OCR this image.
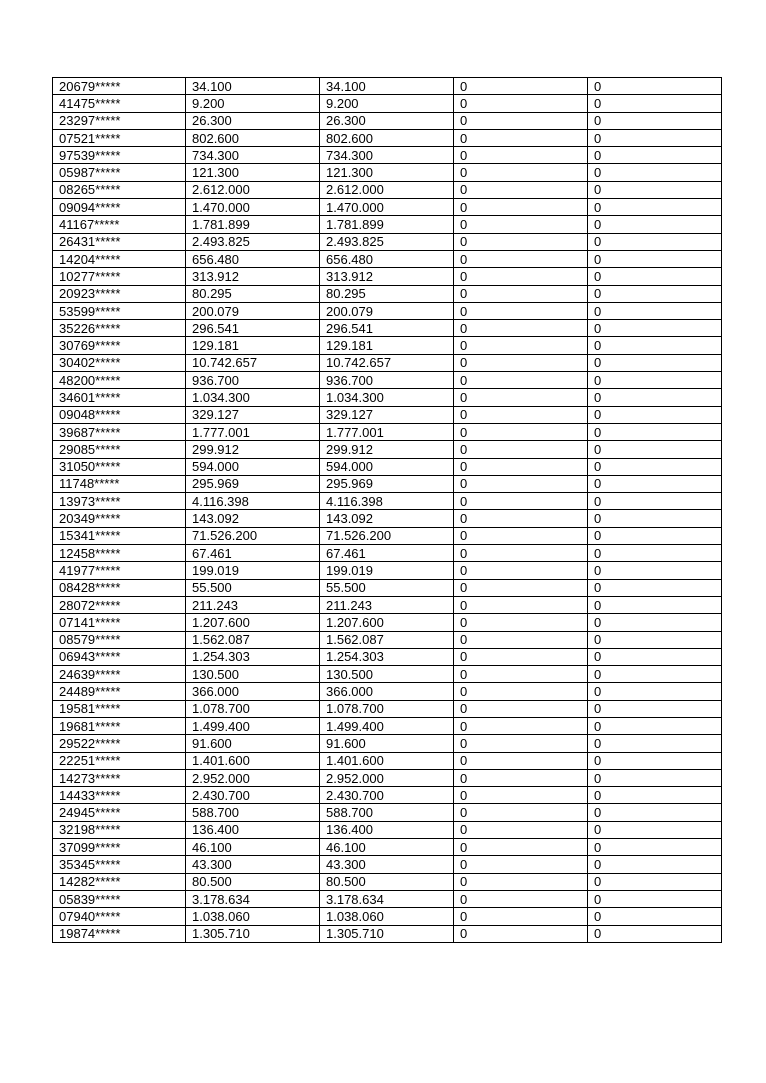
20679*****	34.100	34.100	0	0
41475*****	9.200	9.200	0	0
23297*****	26.300	26.300	0	0
07521*****	802.600	802.600	0	0
97539*****	734.300	734.300	0	0
05987*****	121.300	121.300	0	0
08265*****	2.612.000	2.612.000	0	0
09094*****	1.470.000	1.470.000	0	0
41167*****	1.781.899	1.781.899	0	0
26431*****	2.493.825	2.493.825	0	0
14204*****	656.480	656.480	0	0
10277*****	313.912	313.912	0	0
20923*****	80.295	80.295	0	0
53599*****	200.079	200.079	0	0
35226*****	296.541	296.541	0	0
30769*****	129.181	129.181	0	0
30402*****	10.742.657	10.742.657	0	0
48200*****	936.700	936.700	0	0
34601*****	1.034.300	1.034.300	0	0
09048*****	329.127	329.127	0	0
39687*****	1.777.001	1.777.001	0	0
29085*****	299.912	299.912	0	0
31050*****	594.000	594.000	0	0
11748*****	295.969	295.969	0	0
13973*****	4.116.398	4.116.398	0	0
20349*****	143.092	143.092	0	0
15341*****	71.526.200	71.526.200	0	0
12458*****	67.461	67.461	0	0
41977*****	199.019	199.019	0	0
08428*****	55.500	55.500	0	0
28072*****	211.243	211.243	0	0
07141*****	1.207.600	1.207.600	0	0
08579*****	1.562.087	1.562.087	0	0
06943*****	1.254.303	1.254.303	0	0
24639*****	130.500	130.500	0	0
24489*****	366.000	366.000	0	0
19581*****	1.078.700	1.078.700	0	0
19681*****	1.499.400	1.499.400	0	0
29522*****	91.600	91.600	0	0
22251*****	1.401.600	1.401.600	0	0
14273*****	2.952.000	2.952.000	0	0
14433*****	2.430.700	2.430.700	0	0
24945*****	588.700	588.700	0	0
32198*****	136.400	136.400	0	0
37099*****	46.100	46.100	0	0
35345*****	43.300	43.300	0	0
14282*****	80.500	80.500	0	0
05839*****	3.178.634	3.178.634	0	0
07940*****	1.038.060	1.038.060	0	0
19874*****	1.305.710	1.305.710	0	0
